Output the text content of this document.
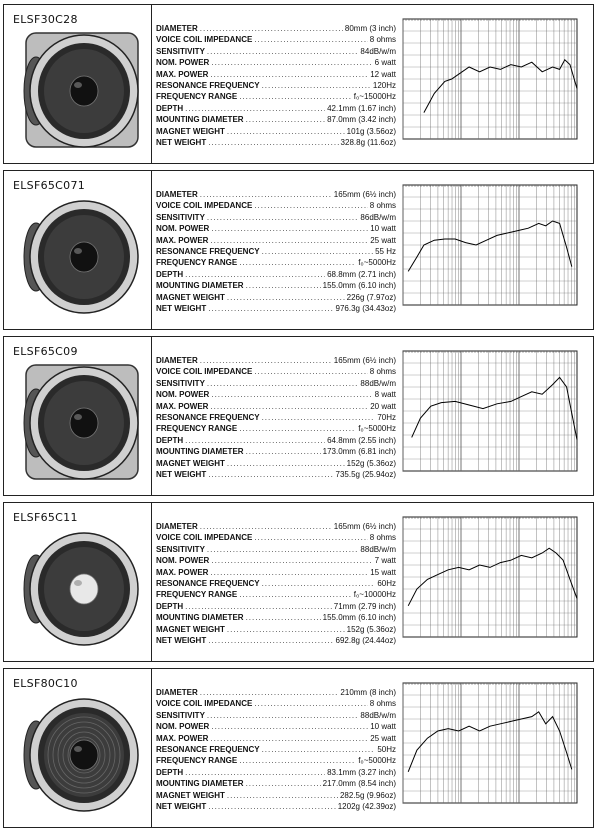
ELSF30C28
DIAMETER .....	80mm (3 inch)
VOICE COIL IMPEDANCE .....	8 ohms
SENSITIVITY .....	84dB/w/m
NOM. POWER .....	6 watt
MAX. POWER .....	12 watt
RESONANCE FREQUENCY .....	120Hz
FREQUENCY RANGE .....	f₀~15000Hz
DEPTH .....	42.1mm (1.67 inch)
MOUNTING DIAMETER .....	87.0mm (3.42 inch)
MAGNET WEIGHT .....	101g (3.56oz)
NET WEIGHT .....	328.8g (11.6oz)
ELSF65C071
DIAMETER .....	165mm (6½ inch)
VOICE COIL IMPEDANCE .....	8 ohms
SENSITIVITY .....	86dB/w/m
NOM. POWER .....	10 watt
MAX. POWER .....	25 watt
RESONANCE FREQUENCY .....	55 Hz
FREQUENCY RANGE .....	f₀~5000Hz
DEPTH .....	68.8mm (2.71 inch)
MOUNTING DIAMETER .....	155.0mm (6.10 inch)
MAGNET WEIGHT .....	226g (7.97oz)
NET WEIGHT .....	976.3g (34.43oz)
ELSF65C09
DIAMETER .....	165mm (6½ inch)
VOICE COIL IMPEDANCE .....	8 ohms
SENSITIVITY .....	88dB/w/m
NOM. POWER .....	8 watt
MAX. POWER .....	20 watt
RESONANCE FREQUENCY .....	70Hz
FREQUENCY RANGE .....	f₀~5000Hz
DEPTH .....	64.8mm (2.55 inch)
MOUNTING DIAMETER .....	173.0mm (6.81 inch)
MAGNET WEIGHT .....	152g (5.36oz)
NET WEIGHT .....	735.5g (25.94oz)
ELSF65C11
DIAMETER .....	165mm (6½ inch)
VOICE COIL IMPEDANCE .....	8 ohms
SENSITIVITY .....	88dB/w/m
NOM. POWER .....	7 watt
MAX. POWER .....	15 watt
RESONANCE FREQUENCY .....	60Hz
FREQUENCY RANGE .....	f₀~10000Hz
DEPTH .....	71mm (2.79 inch)
MOUNTING DIAMETER .....	155.0mm (6.10 inch)
MAGNET WEIGHT .....	152g (5.36oz)
NET WEIGHT .....	692.8g (24.44oz)
ELSF80C10
DIAMETER .....	210mm (8 inch)
VOICE COIL IMPEDANCE .....	8 ohms
SENSITIVITY .....	88dB/w/m
NOM. POWER .....	10 watt
MAX. POWER .....	25 watt
RESONANCE FREQUENCY .....	50Hz
FREQUENCY RANGE .....	f₀~5000Hz
DEPTH .....	83.1mm (3.27 inch)
MOUNTING DIAMETER .....	217.0mm (8.54 inch)
MAGNET WEIGHT .....	282.5g (9.96oz)
NET WEIGHT .....	1202g (42.39oz)
